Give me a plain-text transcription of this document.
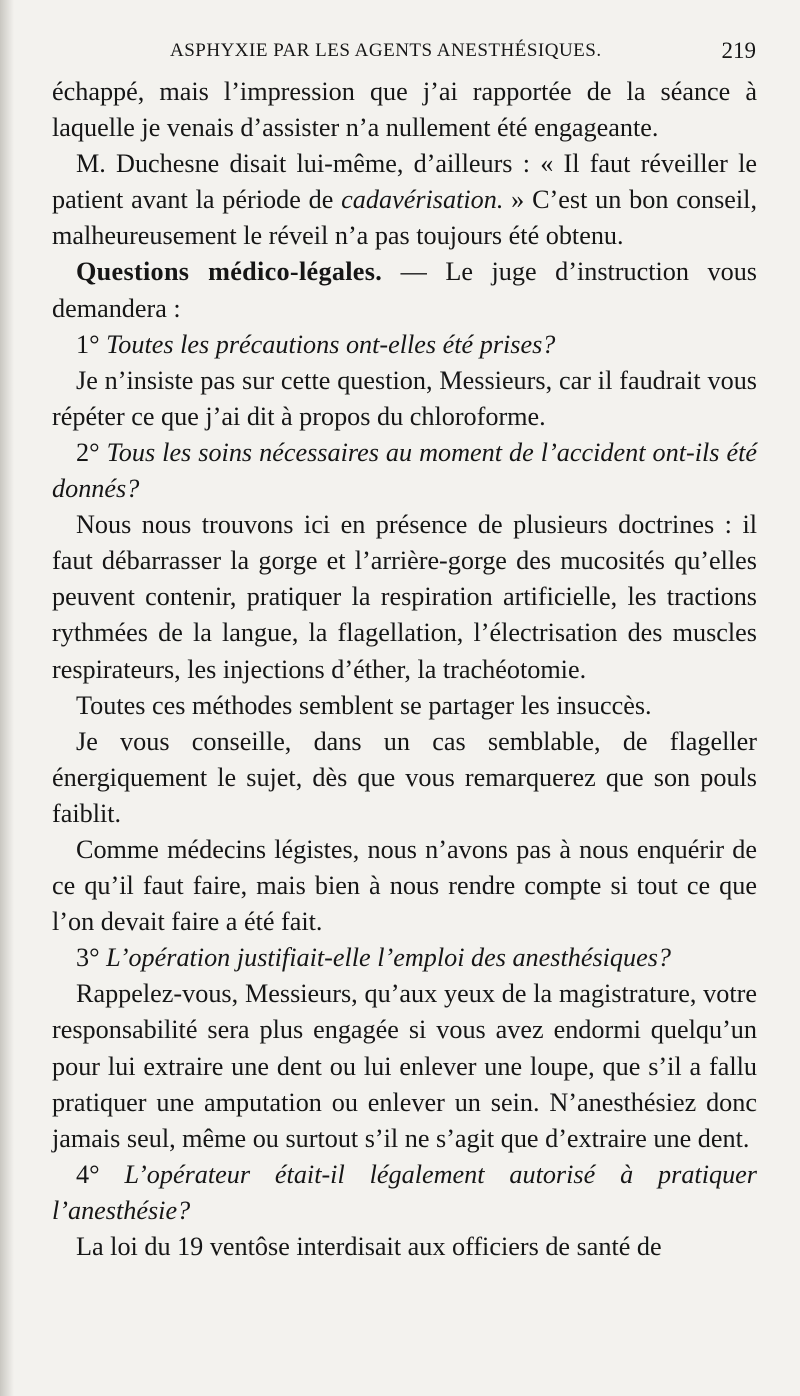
ASPHYXIE PAR LES AGENTS ANESTHÉSIQUES.	219

échappé, mais l’impression que j’ai rapportée de la séance à laquelle je venais d’assister n’a nullement été engageante.

M. Duchesne disait lui-même, d’ailleurs : « Il faut réveiller le patient avant la période de cadavérisation. » C’est un bon conseil, malheureusement le réveil n’a pas toujours été obtenu.

Questions médico-légales. — Le juge d’instruction vous demandera :

1° Toutes les précautions ont-elles été prises?

Je n’insiste pas sur cette question, Messieurs, car il faudrait vous répéter ce que j’ai dit à propos du chloroforme.

2° Tous les soins nécessaires au moment de l’accident ont-ils été donnés?

Nous nous trouvons ici en présence de plusieurs doctrines : il faut débarrasser la gorge et l’arrière-gorge des mucosités qu’elles peuvent contenir, pratiquer la respiration artificielle, les tractions rythmées de la langue, la flagellation, l’électrisation des muscles respirateurs, les injections d’éther, la trachéotomie.

Toutes ces méthodes semblent se partager les insuccès.

Je vous conseille, dans un cas semblable, de flageller énergiquement le sujet, dès que vous remarquerez que son pouls faiblit.

Comme médecins légistes, nous n’avons pas à nous enquérir de ce qu’il faut faire, mais bien à nous rendre compte si tout ce que l’on devait faire a été fait.

3° L’opération justifiait-elle l’emploi des anesthésiques?

Rappelez-vous, Messieurs, qu’aux yeux de la magistrature, votre responsabilité sera plus engagée si vous avez endormi quelqu’un pour lui extraire une dent ou lui enlever une loupe, que s’il a fallu pratiquer une amputation ou enlever un sein. N’anesthésiez donc jamais seul, même ou surtout s’il ne s’agit que d’extraire une dent.

4° L’opérateur était-il légalement autorisé à pratiquer l’anesthésie?

La loi du 19 ventôse interdisait aux officiers de santé de
